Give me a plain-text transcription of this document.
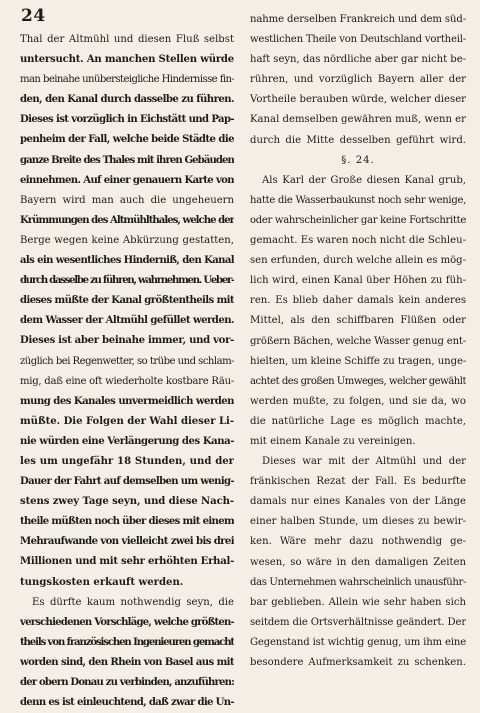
24
Thal der Altmühl und diesen Fluß selbst
untersucht. An manchen Stellen würde
man beinahe unübersteigliche Hindernisse fin-
den, den Kanal durch dasselbe zu führen.
Dieses ist vorzüglich in Eichstätt und Pap-
penheim der Fall, welche beide Städte die
ganze Breite des Thales mit ihren Gebäuden
einnehmen. Auf einer genauern Karte von
Bayern wird man auch die ungeheuern
Krümmungen des Altmühlthales, welche der
Berge wegen keine Abkürzung gestatten,
als ein wesentliches Hinderniß, den Kanal
durch dasselbe zu führen, wahrnehmen. Ueber-
dieses müßte der Kanal größtentheils mit
dem Wasser der Altmühl gefüllet werden.
Dieses ist aber beinahe immer, und vor-
züglich bei Regenwetter, so trübe und schlam-
mig, daß eine oft wiederholte kostbare Räu-
mung des Kanales unvermeidlich werden
müßte. Die Folgen der Wahl dieser Li-
nie würden eine Verlängerung des Kana-
les um ungefähr 18 Stunden, und der
Dauer der Fahrt auf demselben um wenig-
stens zwey Tage seyn, und diese Nach-
theile müßten noch über dieses mit einem
Mehraufwande von vielleicht zwei bis drei
Millionen und mit sehr erhöhten Erhal-
tungskosten erkauft werden.
Es dürfte kaum nothwendig seyn, die
verschiedenen Vorschläge, welche größten-
theils von französischen Ingenieuren gemacht
worden sind, den Rhein von Basel aus mit
der obern Donau zu verbinden, anzuführen:
denn es ist einleuchtend, daß zwar die Un-
nahme derselben Frankreich und dem süd-
westlichen Theile von Deutschland vortheil-
haft seyn, das nördliche aber gar nicht be-
rühren, und vorzüglich Bayern aller der
Vortheile berauben würde, welcher dieser
Kanal demselben gewähren muß, wenn er
durch die Mitte desselben geführt wird.
§. 24.
Als Karl der Große diesen Kanal grub,
hatte die Wasserbaukunst noch sehr wenige,
oder wahrscheinlicher gar keine Fortschritte
gemacht. Es waren noch nicht die Schleu-
sen erfunden, durch welche allein es mög-
lich wird, einen Kanal über Höhen zu füh-
ren. Es blieb daher damals kein anderes
Mittel, als den schiffbaren Flüßen oder
größern Bächen, welche Wasser genug ent-
hielten, um kleine Schiffe zu tragen, unge-
achtet des großen Umweges, welcher gewählt
werden mußte, zu folgen, und sie da, wo
die natürliche Lage es möglich machte,
mit einem Kanale zu vereinigen.
Dieses war mit der Altmühl und der
fränkischen Rezat der Fall. Es bedurfte
damals nur eines Kanales von der Länge
einer halben Stunde, um dieses zu bewir-
ken. Wäre mehr dazu nothwendig ge-
wesen, so wäre in den damaligen Zeiten
das Unternehmen wahrscheinlich unausführ-
bar geblieben. Allein wie sehr haben sich
seitdem die Ortsverhältnisse geändert. Der
Gegenstand ist wichtig genug, um ihm eine
besondere Aufmerksamkeit zu schenken.
